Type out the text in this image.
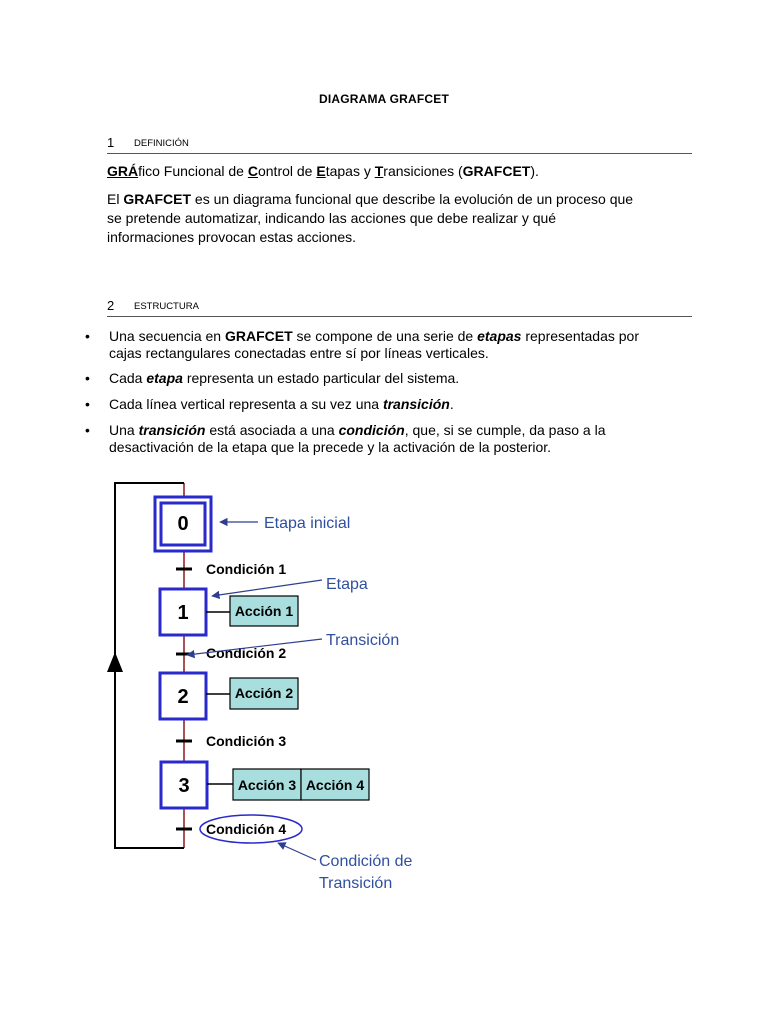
DIAGRAMA GRAFCET
1 DEFINICIÓN
GRÁfico Funcional de Control de Etapas y Transiciones (GRAFCET).
El GRAFCET es un diagrama funcional que describe la evolución de un proceso que se pretende automatizar, indicando las acciones que debe realizar y qué informaciones provocan estas acciones.
2 ESTRUCTURA
• Una secuencia en GRAFCET se compone de una serie de etapas representadas por cajas rectangulares conectadas entre sí por líneas verticales.
• Cada etapa representa un estado particular del sistema.
• Cada línea vertical representa a su vez una transición.
• Una transición está asociada a una condición, que, si se cumple, da paso a la desactivación de la etapa que la precede y la activación de la posterior.
0
Condición 1
Condición 2
Condición 3
Condición 4
1	Acción 1
2	Acción 2
3	Acción 3 Acción 4
Etapa inicial
Etapa
Transición
Condición de
Transición
